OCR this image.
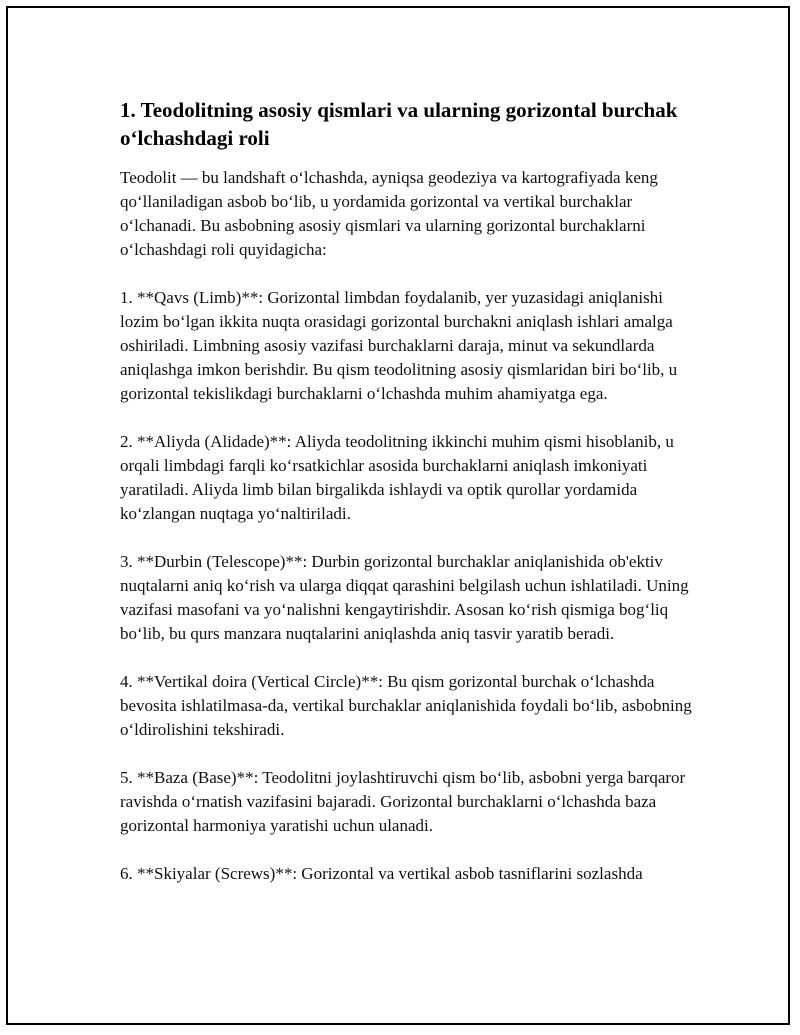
1. Teodolitning asosiy qismlari va ularning gorizontal burchak o‘lchashdagi roli

Teodolit — bu landshaft o‘lchashda, ayniqsa geodeziya va kartografiyada keng qo‘llaniladigan asbob bo‘lib, u yordamida gorizontal va vertikal burchaklar o‘lchanadi. Bu asbobning asosiy qismlari va ularning gorizontal burchaklarni o‘lchashdagi roli quyidagicha:

1. **Qavs (Limb)**: Gorizontal limbdan foydalanib, yer yuzasidagi aniqlanishi lozim bo‘lgan ikkita nuqta orasidagi gorizontal burchakni aniqlash ishlari amalga oshiriladi. Limbning asosiy vazifasi burchaklarni daraja, minut va sekundlarda aniqlashga imkon berishdir. Bu qism teodolitning asosiy qismlaridan biri bo‘lib, u gorizontal tekislikdagi burchaklarni o‘lchashda muhim ahamiyatga ega.

2. **Aliyda (Alidade)**: Aliyda teodolitning ikkinchi muhim qismi hisoblanib, u orqali limbdagi farqli ko‘rsatkichlar asosida burchaklarni aniqlash imkoniyati yaratiladi. Aliyda limb bilan birgalikda ishlaydi va optik qurollar yordamida ko‘zlangan nuqtaga yo‘naltiriladi.

3. **Durbin (Telescope)**: Durbin gorizontal burchaklar aniqlanishida ob'ektiv nuqtalarni aniq ko‘rish va ularga diqqat qarashini belgilash uchun ishlatiladi. Uning vazifasi masofani va yo‘nalishni kengaytirishdir. Asosan ko‘rish qismiga bog‘liq bo‘lib, bu qurs manzara nuqtalarini aniqlashda aniq tasvir yaratib beradi.

4. **Vertikal doira (Vertical Circle)**: Bu qism gorizontal burchak o‘lchashda bevosita ishlatilmasa-da, vertikal burchaklar aniqlanishida foydali bo‘lib, asbobning o‘ldirolishini tekshiradi.

5. **Baza (Base)**: Teodolitni joylashtiruvchi qism bo‘lib, asbobni yerga barqaror ravishda o‘rnatish vazifasini bajaradi. Gorizontal burchaklarni o‘lchashda baza gorizontal harmoniya yaratishi uchun ulanadi.

6. **Skiyalar (Screws)**: Gorizontal va vertikal asbob tasniflarini sozlashda
